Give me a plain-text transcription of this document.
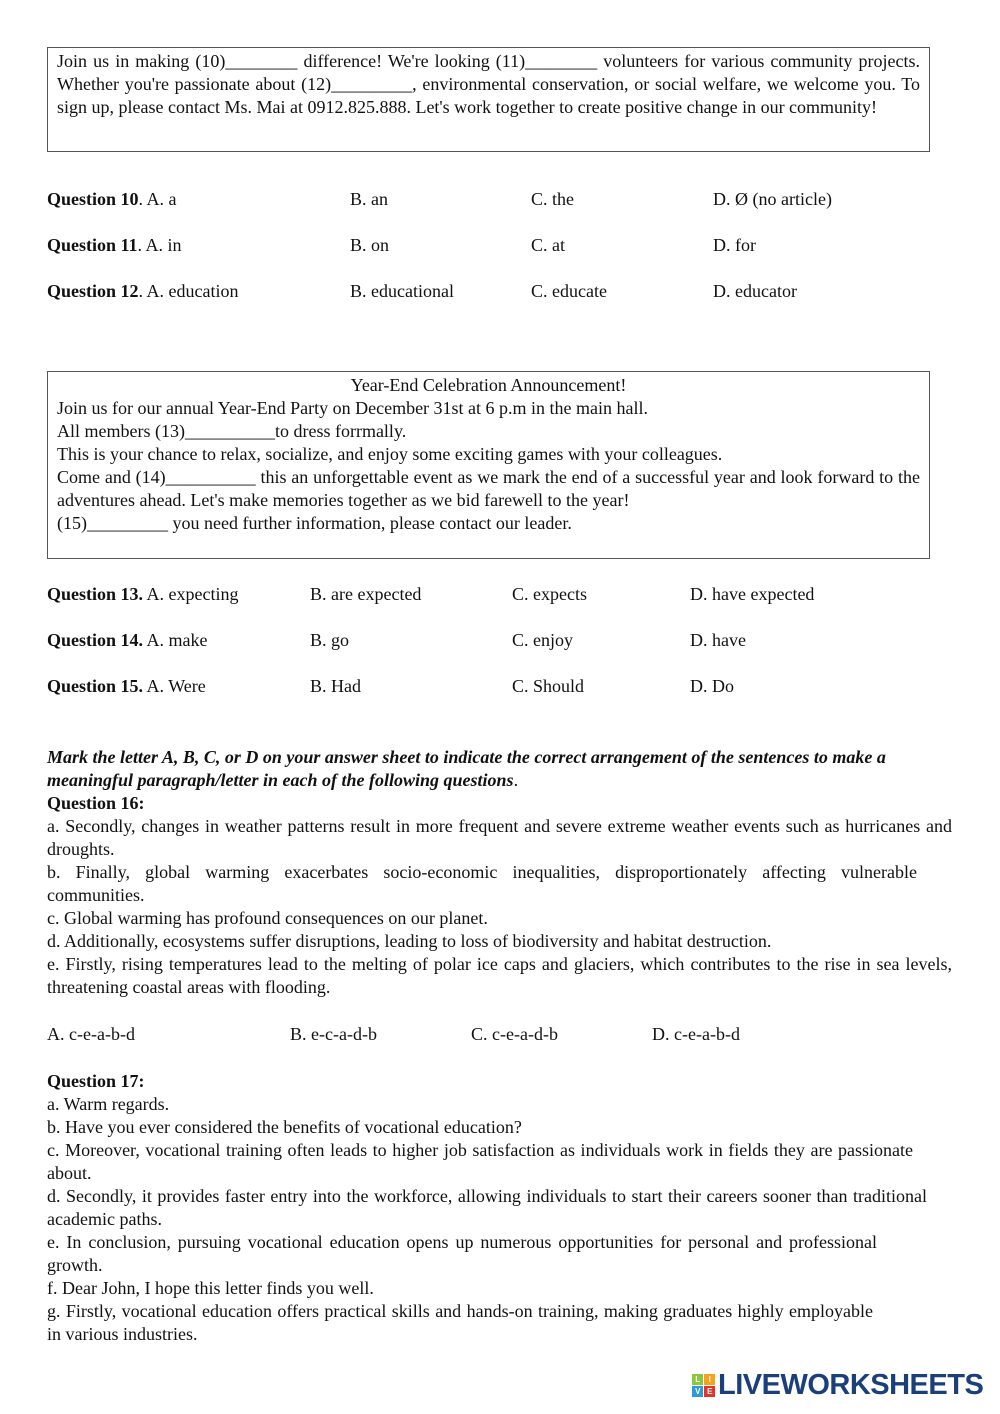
Join us in making (10)________ difference! We're looking (11)________ volunteers for various community projects. Whether you're passionate about (12)_________, environmental conservation, or social welfare, we welcome you. To sign up, please contact Ms. Mai at 0912.825.888. Let's work together to create positive change in our community!
Question 10. A. a	B. an	C. the	D. Ø (no article)
Question 11. A. in	B. on	C. at	D. for
Question 12. A. education	B. educational	C. educate	D. educator
Year-End Celebration Announcement!
Join us for our annual Year-End Party on December 31st at 6 p.m in the main hall.
All members (13)__________to dress forrmally.
This is your chance to relax, socialize, and enjoy some exciting games with your colleagues.
Come and (14)__________ this an unforgettable event as we mark the end of a successful year and look forward to the adventures ahead. Let's make memories together as we bid farewell to the year!
(15)_________ you need further information, please contact our leader.
Question 13. A. expecting	B. are expected	C. expects	D. have expected
Question 14. A. make	B. go	C. enjoy	D. have
Question 15. A. Were	B. Had	C. Should	D. Do
Mark the letter A, B, C, or D on your answer sheet to indicate the correct arrangement of the sentences to make a meaningful paragraph/letter in each of the following questions.
Question 16:
a. Secondly, changes in weather patterns result in more frequent and severe extreme weather events such as hurricanes and droughts.
b. Finally, global warming exacerbates socio-economic inequalities, disproportionately affecting vulnerable communities.
c. Global warming has profound consequences on our planet.
d. Additionally, ecosystems suffer disruptions, leading to loss of biodiversity and habitat destruction.
e. Firstly, rising temperatures lead to the melting of polar ice caps and glaciers, which contributes to the rise in sea levels, threatening coastal areas with flooding.
A. c-e-a-b-d	B. e-c-a-d-b	C. c-e-a-d-b	D. c-e-a-b-d
Question 17:
a. Warm regards.
b. Have you ever considered the benefits of vocational education?
c. Moreover, vocational training often leads to higher job satisfaction as individuals work in fields they are passionate about.
d. Secondly, it provides faster entry into the workforce, allowing individuals to start their careers sooner than traditional academic paths.
e. In conclusion, pursuing vocational education opens up numerous opportunities for personal and professional growth.
f. Dear John, I hope this letter finds you well.
g. Firstly, vocational education offers practical skills and hands-on training, making graduates highly employable in various industries.
L	I
V E LIVEWORKSHEETS
